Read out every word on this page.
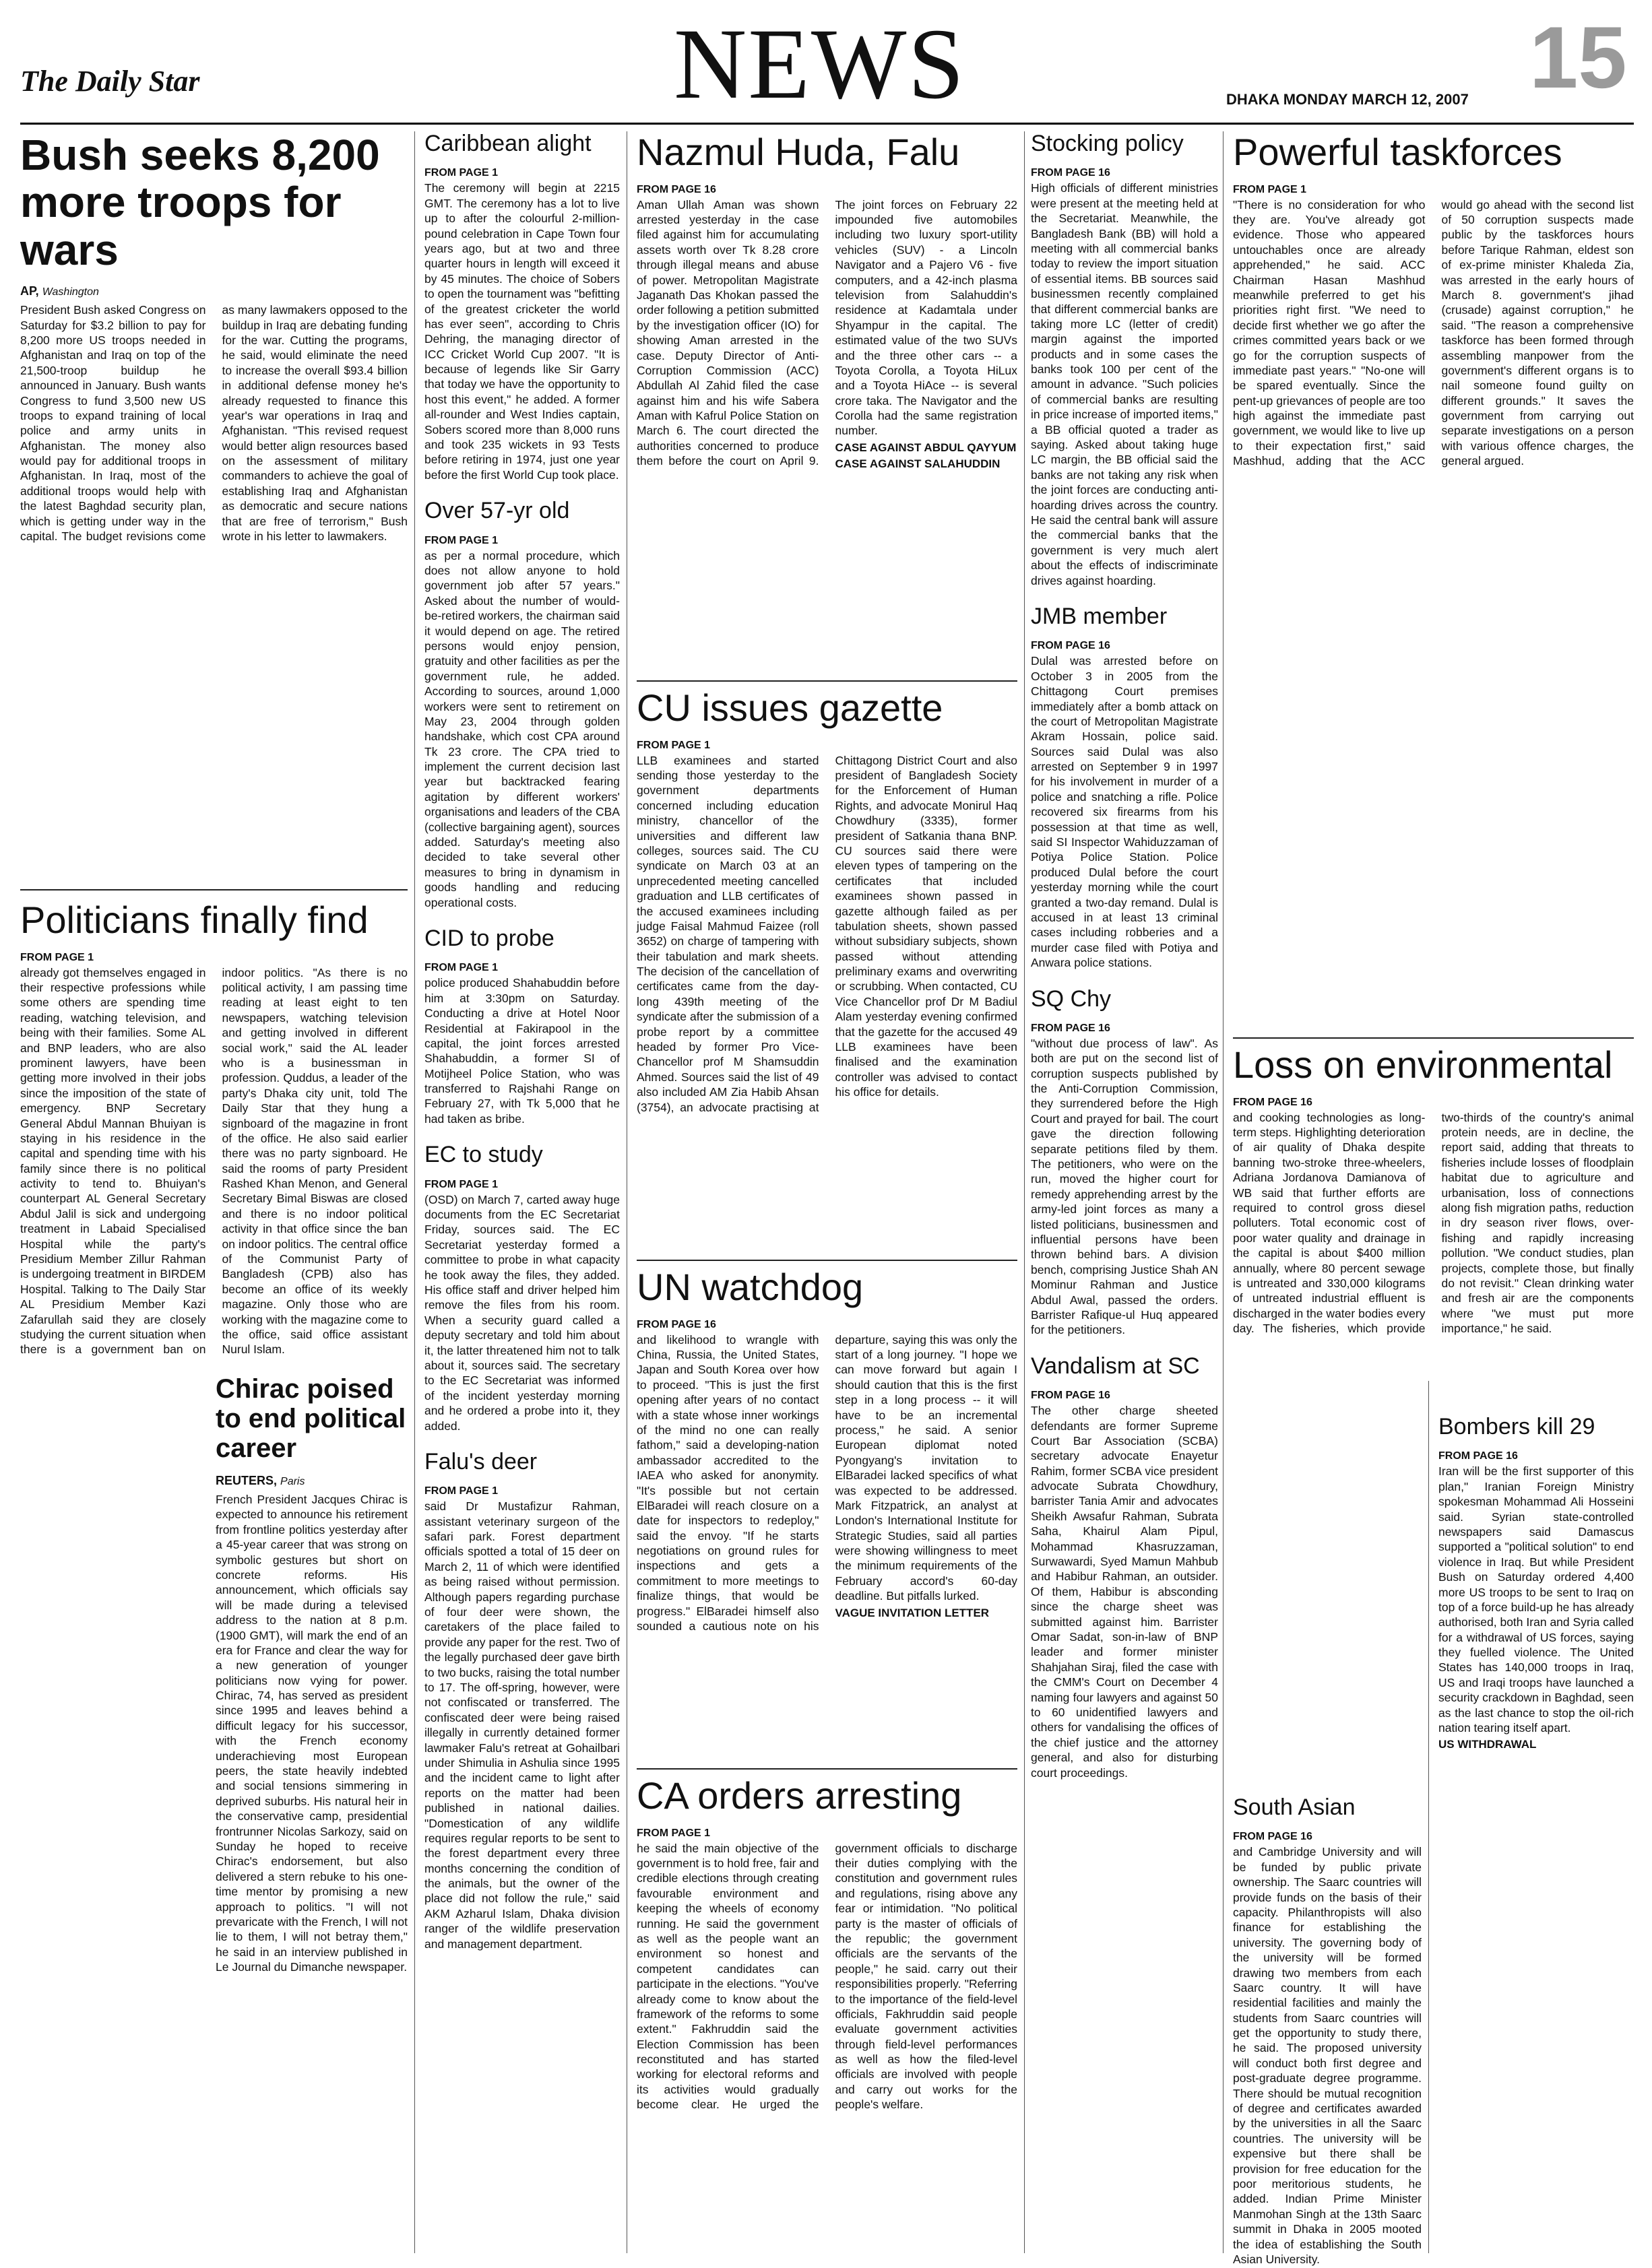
The Daily Star	NEWS	DHAKA MONDAY MARCH 12, 2007 15
Bush seeks 8,200 more troops for wars
AP, Washington

President Bush asked Congress on Saturday for $3.2 billion to pay for 8,200 more US troops needed in Afghanistan and Iraq on top of the 21,500-troop buildup he announced in January. Bush wants Congress to fund 3,500 new US troops to expand training of local police and army units in Afghanistan. The money also would pay for additional troops in Afghanistan. In Iraq, most of the additional troops would help with the latest Baghdad security plan, which is getting under way in the capital. The budget revisions come as many lawmakers opposed to the buildup in Iraq are debating funding for the war. Cutting the programs, he said, would eliminate the need to increase the overall $93.4 billion in additional defense money he's already requested to finance this year's war operations in Iraq and Afghanistan. "This revised request would better align resources based on the assessment of military commanders to achieve the goal of establishing Iraq and Afghanistan as democratic and secure nations that are free of terrorism," Bush wrote in his letter to lawmakers.

Politicians finally find
FROM PAGE 1

already got themselves engaged in their respective professions while some others are spending time reading, watching television, and being with their families. Some AL and BNP leaders, who are also prominent lawyers, have been getting more involved in their jobs since the imposition of the state of emergency. BNP Secretary General Abdul Mannan Bhuiyan is staying in his residence in the capital and spending time with his family since there is no political activity to tend to. Bhuiyan's counterpart AL General Secretary Abdul Jalil is sick and undergoing treatment in Labaid Specialised Hospital while the party's Presidium Member Zillur Rahman is undergoing treatment in BIRDEM Hospital. Talking to The Daily Star AL Presidium Member Kazi Zafarullah said they are closely studying the current situation when there is a government ban on indoor politics. "As there is no political activity, I am passing time reading at least eight to ten newspapers, watching television and getting involved in different social work," said the AL leader who is a businessman in profession. Quddus, a leader of the party's Dhaka city unit, told The Daily Star that they hung a signboard of the magazine in front of the office. He also said earlier there was no party signboard. He said the rooms of party President Rashed Khan Menon, and General Secretary Bimal Biswas are closed and there is no indoor political activity in that office since the ban on indoor politics. The central office of the Communist Party of Bangladesh (CPB) also has become an office of its weekly magazine. Only those who are working with the magazine come to the office, said office assistant Nurul Islam.

Chirac poised to end political career
REUTERS, Paris

French President Jacques Chirac is expected to announce his retirement from frontline politics yesterday after a 45-year career that was strong on symbolic gestures but short on concrete reforms. His announcement, which officials say will be made during a televised address to the nation at 8 p.m. (1900 GMT), will mark the end of an era for France and clear the way for a new generation of younger politicians now vying for power. Chirac, 74, has served as president since 1995 and leaves behind a difficult legacy for his successor, with the French economy underachieving most European peers, the state heavily indebted and social tensions simmering in deprived suburbs. His natural heir in the conservative camp, presidential frontrunner Nicolas Sarkozy, said on Sunday he hoped to receive Chirac's endorsement, but also delivered a stern rebuke to his one-time mentor by promising a new approach to politics. "I will not prevaricate with the French, I will not lie to them, I will not betray them," he said in an interview published in Le Journal du Dimanche newspaper.

Caribbean alight
FROM PAGE 1

The ceremony will begin at 2215 GMT. The ceremony has a lot to live up to after the colourful 2-million-pound celebration in Cape Town four years ago, but at two and three quarter hours in length will exceed it by 45 minutes. The choice of Sobers to open the tournament was "befitting of the greatest cricketer the world has ever seen", according to Chris Dehring, the managing director of ICC Cricket World Cup 2007. "It is because of legends like Sir Garry that today we have the opportunity to host this event," he added. A former all-rounder and West Indies captain, Sobers scored more than 8,000 runs and took 235 wickets in 93 Tests before retiring in 1974, just one year before the first World Cup took place.

Over 57-yr old
FROM PAGE 1

as per a normal procedure, which does not allow anyone to hold government job after 57 years." Asked about the number of would-be-retired workers, the chairman said it would depend on age. The retired persons would enjoy pension, gratuity and other facilities as per the government rule, he added. According to sources, around 1,000 workers were sent to retirement on May 23, 2004 through golden handshake, which cost CPA around Tk 23 crore. The CPA tried to implement the current decision last year but backtracked fearing agitation by different workers' organisations and leaders of the CBA (collective bargaining agent), sources added. Saturday's meeting also decided to take several other measures to bring in dynamism in goods handling and reducing operational costs.

CID to probe
FROM PAGE 1

police produced Shahabuddin before him at 3:30pm on Saturday. Conducting a drive at Hotel Noor Residential at Fakirapool in the capital, the joint forces arrested Shahabuddin, a former SI of Motijheel Police Station, who was transferred to Rajshahi Range on February 27, with Tk 5,000 that he had taken as bribe.

EC to study
FROM PAGE 1

(OSD) on March 7, carted away huge documents from the EC Secretariat Friday, sources said. The EC Secretariat yesterday formed a committee to probe in what capacity he took away the files, they added. His office staff and driver helped him remove the files from his room. When a security guard called a deputy secretary and told him about it, the latter threatened him not to talk about it, sources said. The secretary to the EC Secretariat was informed of the incident yesterday morning and he ordered a probe into it, they added.

Falu's deer
FROM PAGE 1

said Dr Mustafizur Rahman, assistant veterinary surgeon of the safari park. Forest department officials spotted a total of 15 deer on March 2, 11 of which were identified as being raised without permission. Although papers regarding purchase of four deer were shown, the caretakers of the place failed to provide any paper for the rest. Two of the legally purchased deer gave birth to two bucks, raising the total number to 17. The off-spring, however, were not confiscated or transferred. The confiscated deer were being raised illegally in currently detained former lawmaker Falu's retreat at Gohailbari under Shimulia in Ashulia since 1995 and the incident came to light after reports on the matter had been published in national dailies. "Domestication of any wildlife requires regular reports to be sent to the forest department every three months concerning the condition of the animals, but the owner of the place did not follow the rule," said AKM Azharul Islam, Dhaka division ranger of the wildlife preservation and management department.

Nazmul Huda, Falu
FROM PAGE 16

Aman Ullah Aman was shown arrested yesterday in the case filed against him for accumulating assets worth over Tk 8.28 crore through illegal means and abuse of power. Metropolitan Magistrate Jaganath Das Khokan passed the order following a petition submitted by the investigation officer (IO) for showing Aman arrested in the case. Deputy Director of Anti-Corruption Commission (ACC) Abdullah Al Zahid filed the case against him and his wife Sabera Aman with Kafrul Police Station on March 6. The court directed the authorities concerned to produce them before the court on April 9. The joint forces on February 22 impounded five automobiles including two luxury sport-utility vehicles (SUV) - a Lincoln Navigator and a Pajero V6 - five computers, and a 42-inch plasma television from Salahuddin's residence at Kadamtala under Shyampur in the capital. The estimated value of the two SUVs and the three other cars -- a Toyota Corolla, a Toyota HiLux and a Toyota HiAce -- is several crore taka. The Navigator and the Corolla had the same registration number.

CASE AGAINST ABDUL QAYYUM
CASE AGAINST SALAHUDDIN
CU issues gazette
FROM PAGE 1

LLB examinees and started sending those yesterday to the government departments concerned including education ministry, chancellor of the universities and different law colleges, sources said. The CU syndicate on March 03 at an unprecedented meeting cancelled graduation and LLB certificates of the accused examinees including judge Faisal Mahmud Faizee (roll 3652) on charge of tampering with their tabulation and mark sheets. The decision of the cancellation of certificates came from the day-long 439th meeting of the syndicate after the submission of a probe report by a committee headed by former Pro Vice-Chancellor prof M Shamsuddin Ahmed. Sources said the list of 49 also included AM Zia Habib Ahsan (3754), an advocate practising at Chittagong District Court and also president of Bangladesh Society for the Enforcement of Human Rights, and advocate Monirul Haq Chowdhury (3335), former president of Satkania thana BNP. CU sources said there were eleven types of tampering on the certificates that included examinees shown passed in gazette although failed as per tabulation sheets, shown passed without subsidiary subjects, shown passed without attending preliminary exams and overwriting or scrubbing. When contacted, CU Vice Chancellor prof Dr M Badiul Alam yesterday evening confirmed that the gazette for the accused 49 LLB examinees have been finalised and the examination controller was advised to contact his office for details.

UN watchdog
FROM PAGE 16

and likelihood to wrangle with China, Russia, the United States, Japan and South Korea over how to proceed. "This is just the first opening after years of no contact with a state whose inner workings of the mind no one can really fathom," said a developing-nation ambassador accredited to the IAEA who asked for anonymity. "It's possible but not certain ElBaradei will reach closure on a date for inspectors to redeploy," said the envoy. "If he starts negotiations on ground rules for inspections and gets a commitment to more meetings to finalize things, that would be progress." ElBaradei himself also sounded a cautious note on his departure, saying this was only the start of a long journey. "I hope we can move forward but again I should caution that this is the first step in a long process -- it will have to be an incremental process," he said. A senior European diplomat noted Pyongyang's invitation to ElBaradei lacked specifics of what was expected to be addressed. Mark Fitzpatrick, an analyst at London's International Institute for Strategic Studies, said all parties were showing willingness to meet the minimum requirements of the February accord's 60-day deadline. But pitfalls lurked.

VAGUE INVITATION LETTER
CA orders arresting
FROM PAGE 1

he said the main objective of the government is to hold free, fair and credible elections through creating favourable environment and keeping the wheels of economy running. He said the government as well as the people want an environment so honest and competent candidates can participate in the elections. "You've already come to know about the framework of the reforms to some extent." Fakhruddin said the Election Commission has been reconstituted and has started working for electoral reforms and its activities would gradually become clear. He urged the government officials to discharge their duties complying with the constitution and government rules and regulations, rising above any fear or intimidation. "No political party is the master of officials of the republic; the government officials are the servants of the people," he said. carry out their responsibilities properly. "Referring to the importance of the field-level officials, Fakhruddin said people evaluate government activities through field-level performances as well as how the filed-level officials are involved with people and carry out works for the people's welfare.

Stocking policy
FROM PAGE 16

High officials of different ministries were present at the meeting held at the Secretariat. Meanwhile, the Bangladesh Bank (BB) will hold a meeting with all commercial banks today to review the import situation of essential items. BB sources said businessmen recently complained that different commercial banks are taking more LC (letter of credit) margin against the imported products and in some cases the banks took 100 per cent of the amount in advance. "Such policies of commercial banks are resulting in price increase of imported items," a BB official quoted a trader as saying. Asked about taking huge LC margin, the BB official said the banks are not taking any risk when the joint forces are conducting anti-hoarding drives across the country. He said the central bank will assure the commercial banks that the government is very much alert about the effects of indiscriminate drives against hoarding.

JMB member
FROM PAGE 16

Dulal was arrested before on October 3 in 2005 from the Chittagong Court premises immediately after a bomb attack on the court of Metropolitan Magistrate Akram Hossain, police said. Sources said Dulal was also arrested on September 9 in 1997 for his involvement in murder of a police and snatching a rifle. Police recovered six firearms from his possession at that time as well, said SI Inspector Wahiduzzaman of Potiya Police Station. Police produced Dulal before the court yesterday morning while the court granted a two-day remand. Dulal is accused in at least 13 criminal cases including robberies and a murder case filed with Potiya and Anwara police stations.

SQ Chy
FROM PAGE 16

"without due process of law". As both are put on the second list of corruption suspects published by the Anti-Corruption Commission, they surrendered before the High Court and prayed for bail. The court gave the direction following separate petitions filed by them. The petitioners, who were on the run, moved the higher court for remedy apprehending arrest by the army-led joint forces as many a listed politicians, businessmen and influential persons have been thrown behind bars. A division bench, comprising Justice Shah AN Mominur Rahman and Justice Abdul Awal, passed the orders. Barrister Rafique-ul Huq appeared for the petitioners.

Vandalism at SC
FROM PAGE 16

The other charge sheeted defendants are former Supreme Court Bar Association (SCBA) secretary advocate Enayetur Rahim, former SCBA vice president advocate Subrata Chowdhury, barrister Tania Amir and advocates Sheikh Awsafur Rahman, Subrata Saha, Khairul Alam Pipul, Mohammad Khasruzzaman, Surwawardi, Syed Mamun Mahbub and Habibur Rahman, an outsider. Of them, Habibur is absconding since the charge sheet was submitted against him. Barrister Omar Sadat, son-in-law of BNP leader and former minister Shahjahan Siraj, filed the case with the CMM's Court on December 4 naming four lawyers and against 50 to 60 unidentified lawyers and others for vandalising the offices of the chief justice and the attorney general, and also for disturbing court proceedings.

Powerful taskforces
FROM PAGE 1

"There is no consideration for who they are. You've already got evidence. Those who appeared untouchables once are already apprehended," he said. ACC Chairman Hasan Mashhud meanwhile preferred to get his priorities right first. "We need to decide first whether we go after the crimes committed years back or we go for the corruption suspects of immediate past years." "No-one will be spared eventually. Since the pent-up grievances of people are too high against the immediate past government, we would like to live up to their expectation first," said Mashhud, adding that the ACC would go ahead with the second list of 50 corruption suspects made public by the taskforces hours before Tarique Rahman, eldest son of ex-prime minister Khaleda Zia, was arrested in the early hours of March 8. government's jihad (crusade) against corruption," he said. "The reason a comprehensive taskforce has been formed through assembling manpower from the government's different organs is to nail someone found guilty on different grounds." It saves the government from carrying out separate investigations on a person with various offence charges, the general argued.

Loss on environmental
FROM PAGE 16

and cooking technologies as long-term steps. Highlighting deterioration of air quality of Dhaka despite banning two-stroke three-wheelers, Adriana Jordanova Damianova of WB said that further efforts are required to control gross diesel polluters. Total economic cost of poor water quality and drainage in the capital is about $400 million annually, where 80 percent sewage is untreated and 330,000 kilograms of untreated industrial effluent is discharged in the water bodies every day. The fisheries, which provide two-thirds of the country's animal protein needs, are in decline, the report said, adding that threats to fisheries include losses of floodplain habitat due to agriculture and urbanisation, loss of connections along fish migration paths, reduction in dry season river flows, over-fishing and rapidly increasing pollution. "We conduct studies, plan projects, complete those, but finally do not revisit." Clean drinking water and fresh air are the components where "we must put more importance," he said.

South Asian
FROM PAGE 16

and Cambridge University and will be funded by public private ownership. The Saarc countries will provide funds on the basis of their capacity. Philanthropists will also finance for establishing the university. The governing body of the university will be formed drawing two members from each Saarc country. It will have residential facilities and mainly the students from Saarc countries will get the opportunity to study there, he said. The proposed university will conduct both first degree and post-graduate degree programme. There should be mutual recognition of degree and certificates awarded by the universities in all the Saarc countries. The university will be expensive but there shall be provision for free education for the poor meritorious students, he added. Indian Prime Minister Manmohan Singh at the 13th Saarc summit in Dhaka in 2005 mooted the idea of establishing the South Asian University.

Bombers kill 29
FROM PAGE 16

Iran will be the first supporter of this plan," Iranian Foreign Ministry spokesman Mohammad Ali Hosseini said. Syrian state-controlled newspapers said Damascus supported a "political solution" to end violence in Iraq. But while President Bush on Saturday ordered 4,400 more US troops to be sent to Iraq on top of a force build-up he has already authorised, both Iran and Syria called for a withdrawal of US forces, saying they fuelled violence. The United States has 140,000 troops in Iraq, US and Iraqi troops have launched a security crackdown in Baghdad, seen as the last chance to stop the oil-rich nation tearing itself apart.

US WITHDRAWAL
